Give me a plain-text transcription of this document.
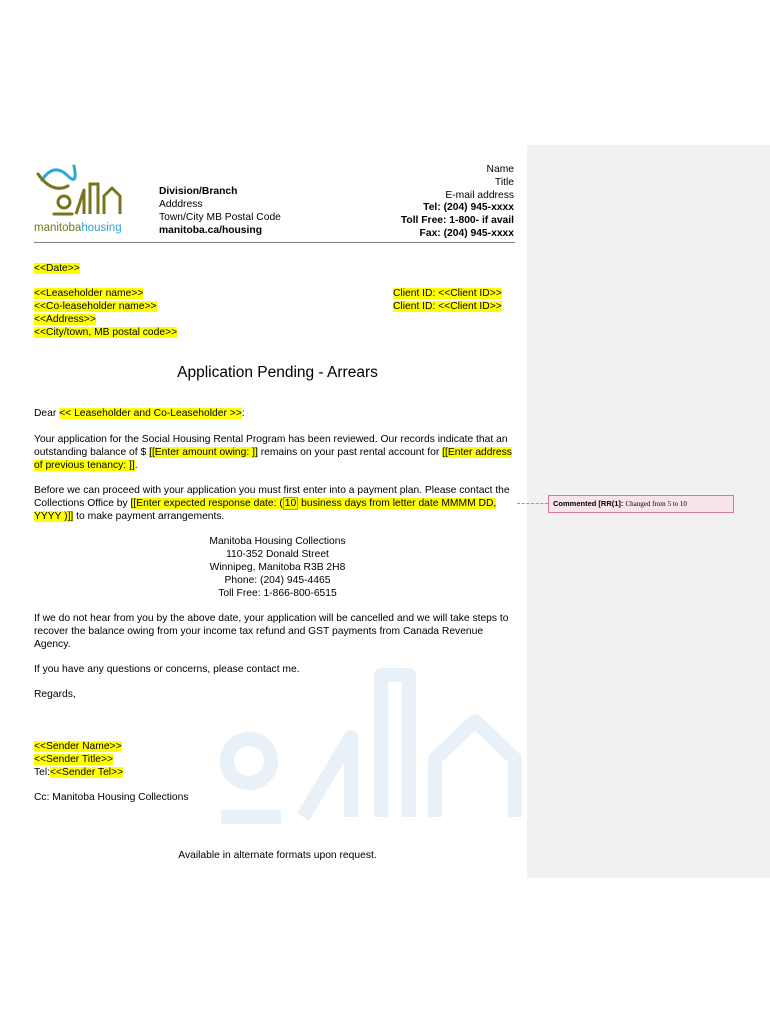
manitobahousing
Division/Branch
Adddress
Town/City MB Postal Code
manitoba.ca/housing
Name
Title
E-mail address
Tel: (204) 945-xxxx
Toll Free: 1-800- if avail
Fax: (204) 945-xxxx
<<Date>>
<<Leaseholder name>>
<<Co-leaseholder name>>
<<Address>>
<<City/town, MB postal code>>
Client ID: <<Client ID>>
Client ID: <<Client ID>>
Application Pending - Arrears
Dear << Leaseholder and Co-Leaseholder >>:
Your application for the Social Housing Rental Program has been reviewed. Our records indicate that an outstanding balance of $ [[Enter amount owing: ]] remains on your past rental account for [[Enter address of previous tenancy: ]].
Before we can proceed with your application you must first enter into a payment plan. Please contact the Collections Office by [[Enter expected response date: ( 10 business days from letter date MMMM DD, YYYY )]] to make payment arrangements.
Commented [RR(1]: Changed from 5 to 10
Manitoba Housing Collections
110-352 Donald Street
Winnipeg, Manitoba R3B 2H8
Phone: (204) 945-4465
Toll Free: 1-866-800-6515
If we do not hear from you by the above date, your application will be cancelled and we will take steps to recover the balance owing from your income tax refund and GST payments from Canada Revenue Agency.
If you have any questions or concerns, please contact me.
Regards,
<<Sender Name>>
<<Sender Title>>
Tel:<<Sender Tel>>
Cc: Manitoba Housing Collections
Available in alternate formats upon request.
